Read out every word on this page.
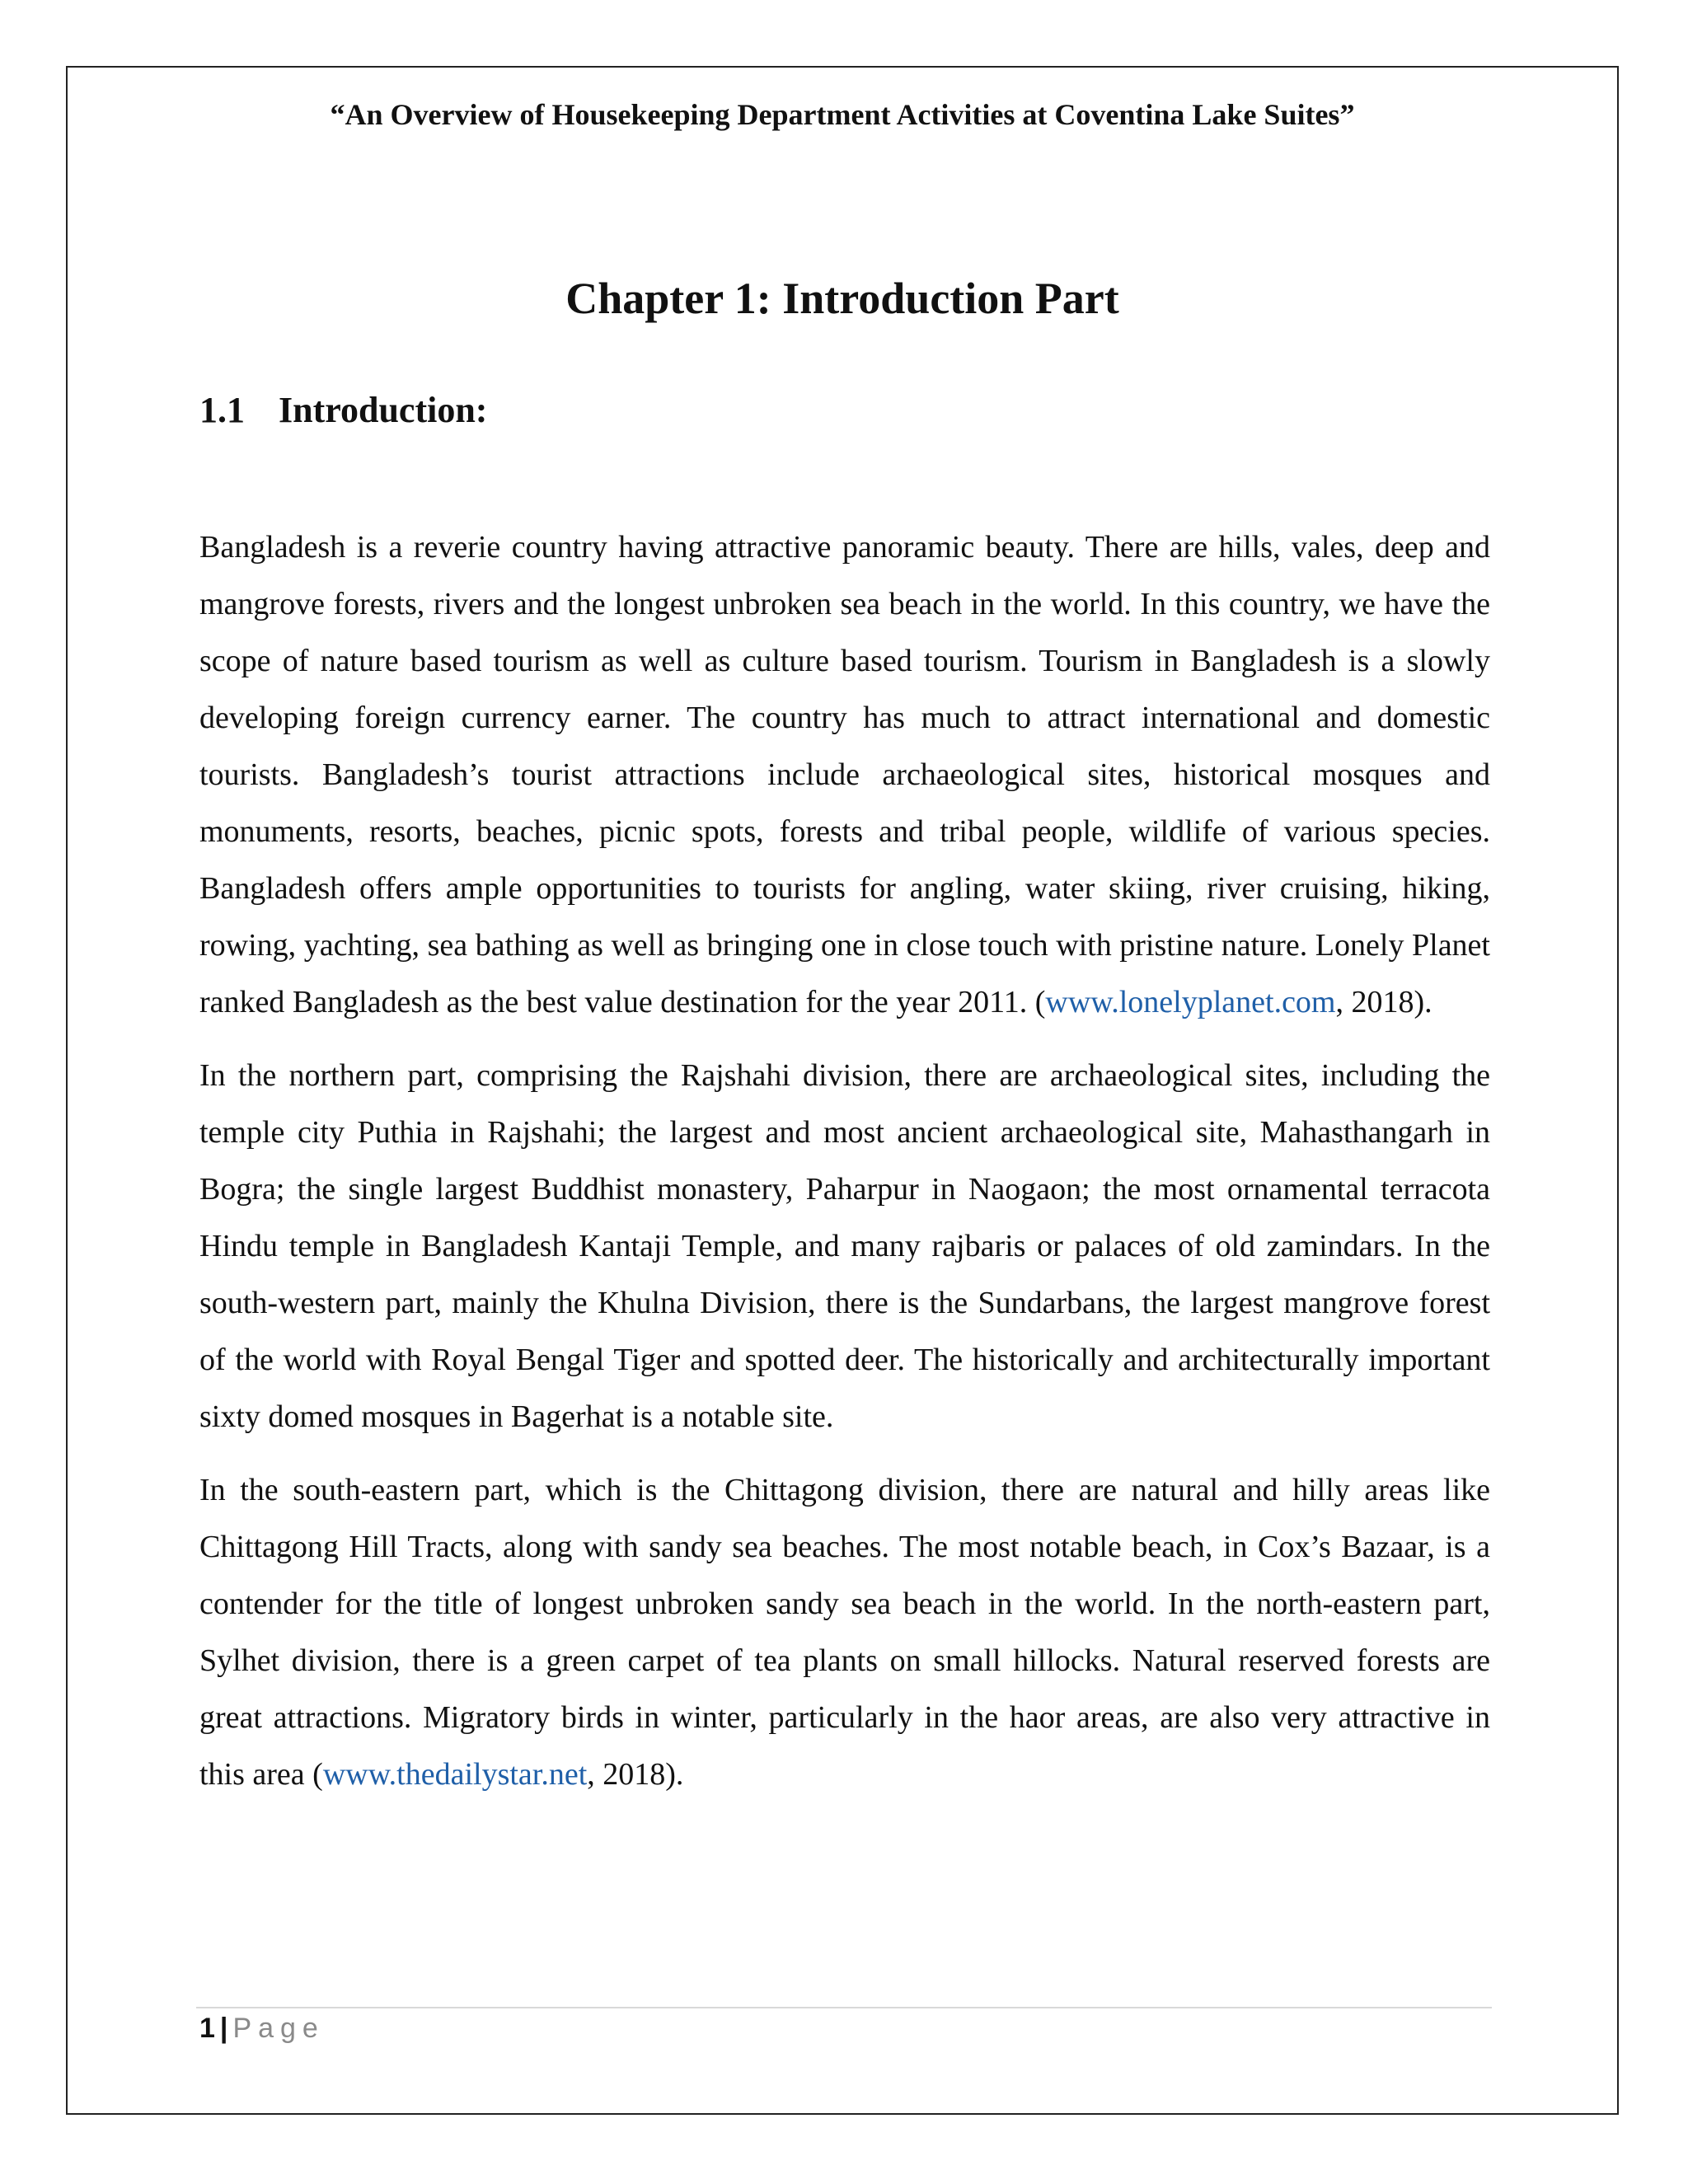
“An Overview of Housekeeping Department Activities at Coventina Lake Suites”
Chapter 1: Introduction Part
1.1 Introduction:

Bangladesh is a reverie country having attractive panoramic beauty. There are hills, vales, deep and mangrove forests, rivers and the longest unbroken sea beach in the world. In this country, we have the scope of nature based tourism as well as culture based tourism. Tourism in Bangladesh is a slowly developing foreign currency earner. The country has much to attract international and domestic tourists. Bangladesh’s tourist attractions include archaeological sites, historical mosques and monuments, resorts, beaches, picnic spots, forests and tribal people, wildlife of various species. Bangladesh offers ample opportunities to tourists for angling, water skiing, river cruising, hiking, rowing, yachting, sea bathing as well as bringing one in close touch with pristine nature. Lonely Planet ranked Bangladesh as the best value destination for the year 2011. (www.lonelyplanet.com, 2018).

In the northern part, comprising the Rajshahi division, there are archaeological sites, including the temple city Puthia in Rajshahi; the largest and most ancient archaeological site, Mahasthangarh in Bogra; the single largest Buddhist monastery, Paharpur in Naogaon; the most ornamental terracota Hindu temple in Bangladesh Kantaji Temple, and many rajbaris or palaces of old zamindars. In the south-western part, mainly the Khulna Division, there is the Sundarbans, the largest mangrove forest of the world with Royal Bengal Tiger and spotted deer. The historically and architecturally important sixty domed mosques in Bagerhat is a notable site.

In the south-eastern part, which is the Chittagong division, there are natural and hilly areas like Chittagong Hill Tracts, along with sandy sea beaches. The most notable beach, in Cox’s Bazaar, is a contender for the title of longest unbroken sandy sea beach in the world. In the north-eastern part, Sylhet division, there is a green carpet of tea plants on small hillocks. Natural reserved forests are great attractions. Migratory birds in winter, particularly in the haor areas, are also very attractive in this area (www.thedailystar.net, 2018).

1 | Page
